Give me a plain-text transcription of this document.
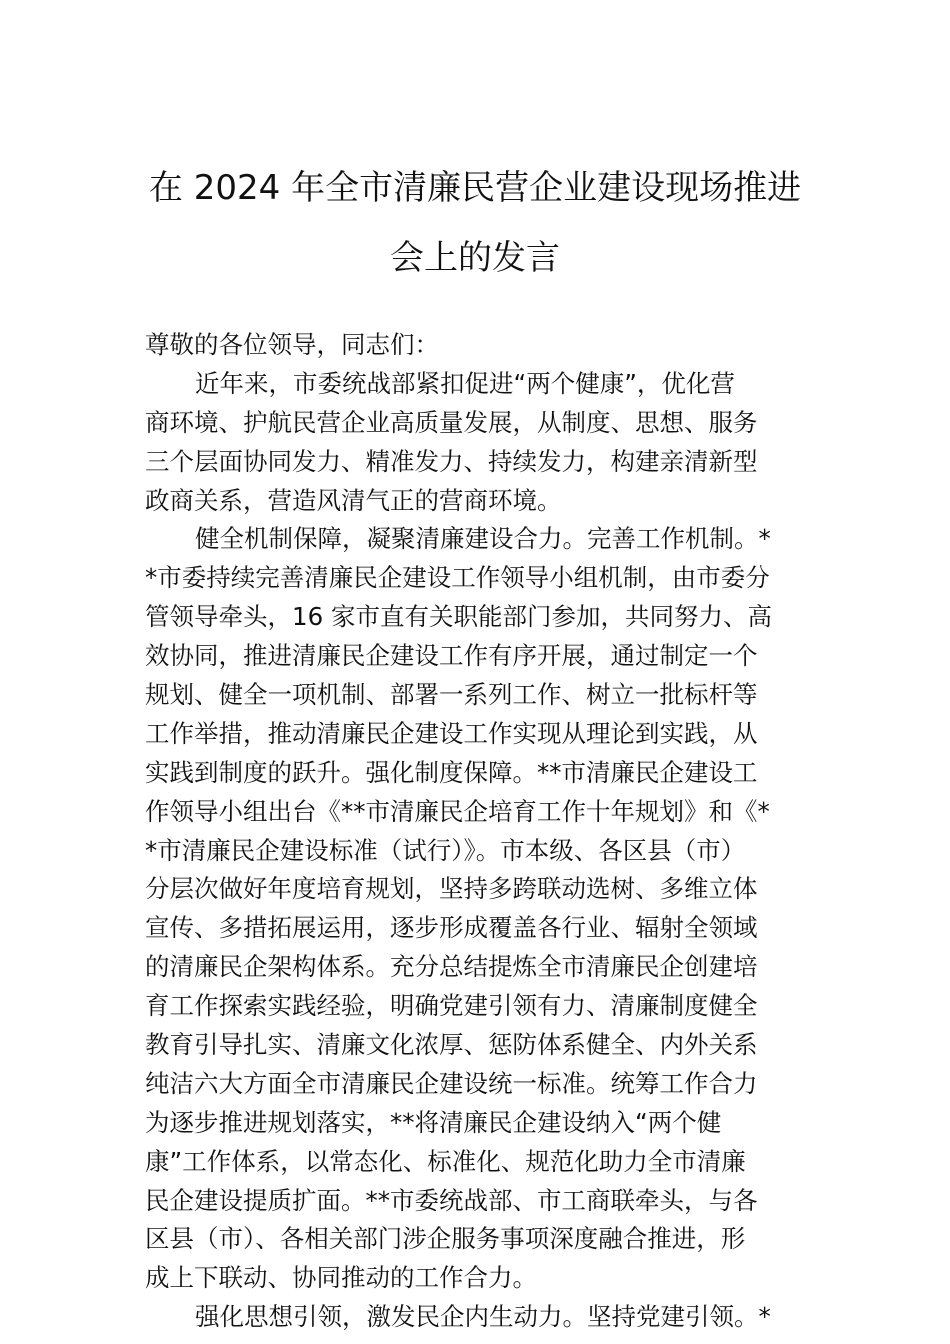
在 2024 年全市清廉民营企业建设现场推进
会上的发言
尊敬的各位领导，同志们：
近年来，市委统战部紧扣促进“两个健康”，优化营
商环境、护航民营企业高质量发展，从制度、思想、服务
三个层面协同发力、精准发力、持续发力，构建亲清新型
政商关系，营造风清气正的营商环境。
健全机制保障，凝聚清廉建设合力。完善工作机制。*
*市委持续完善清廉民企建设工作领导小组机制，由市委分
管领导牵头，16 家市直有关职能部门参加，共同努力、高
效协同，推进清廉民企建设工作有序开展，通过制定一个
规划、健全一项机制、部署一系列工作、树立一批标杆等
工作举措，推动清廉民企建设工作实现从理论到实践，从
实践到制度的跃升。强化制度保障。**市清廉民企建设工
作领导小组出台《**市清廉民企培育工作十年规划》和《*
*市清廉民企建设标准（试行）》。市本级、各区县（市）
分层次做好年度培育规划，坚持多跨联动选树、多维立体
宣传、多措拓展运用，逐步形成覆盖各行业、辐射全领域
的清廉民企架构体系。充分总结提炼全市清廉民企创建培
育工作探索实践经验，明确党建引领有力、清廉制度健全
教育引导扎实、清廉文化浓厚、惩防体系健全、内外关系
纯洁六大方面全市清廉民企建设统一标准。统筹工作合力
为逐步推进规划落实，**将清廉民企建设纳入“两个健
康”工作体系，以常态化、标准化、规范化助力全市清廉
民企建设提质扩面。**市委统战部、市工商联牵头，与各
区县（市）、各相关部门涉企服务事项深度融合推进，形
成上下联动、协同推动的工作合力。
强化思想引领，激发民企内生动力。坚持党建引领。*
